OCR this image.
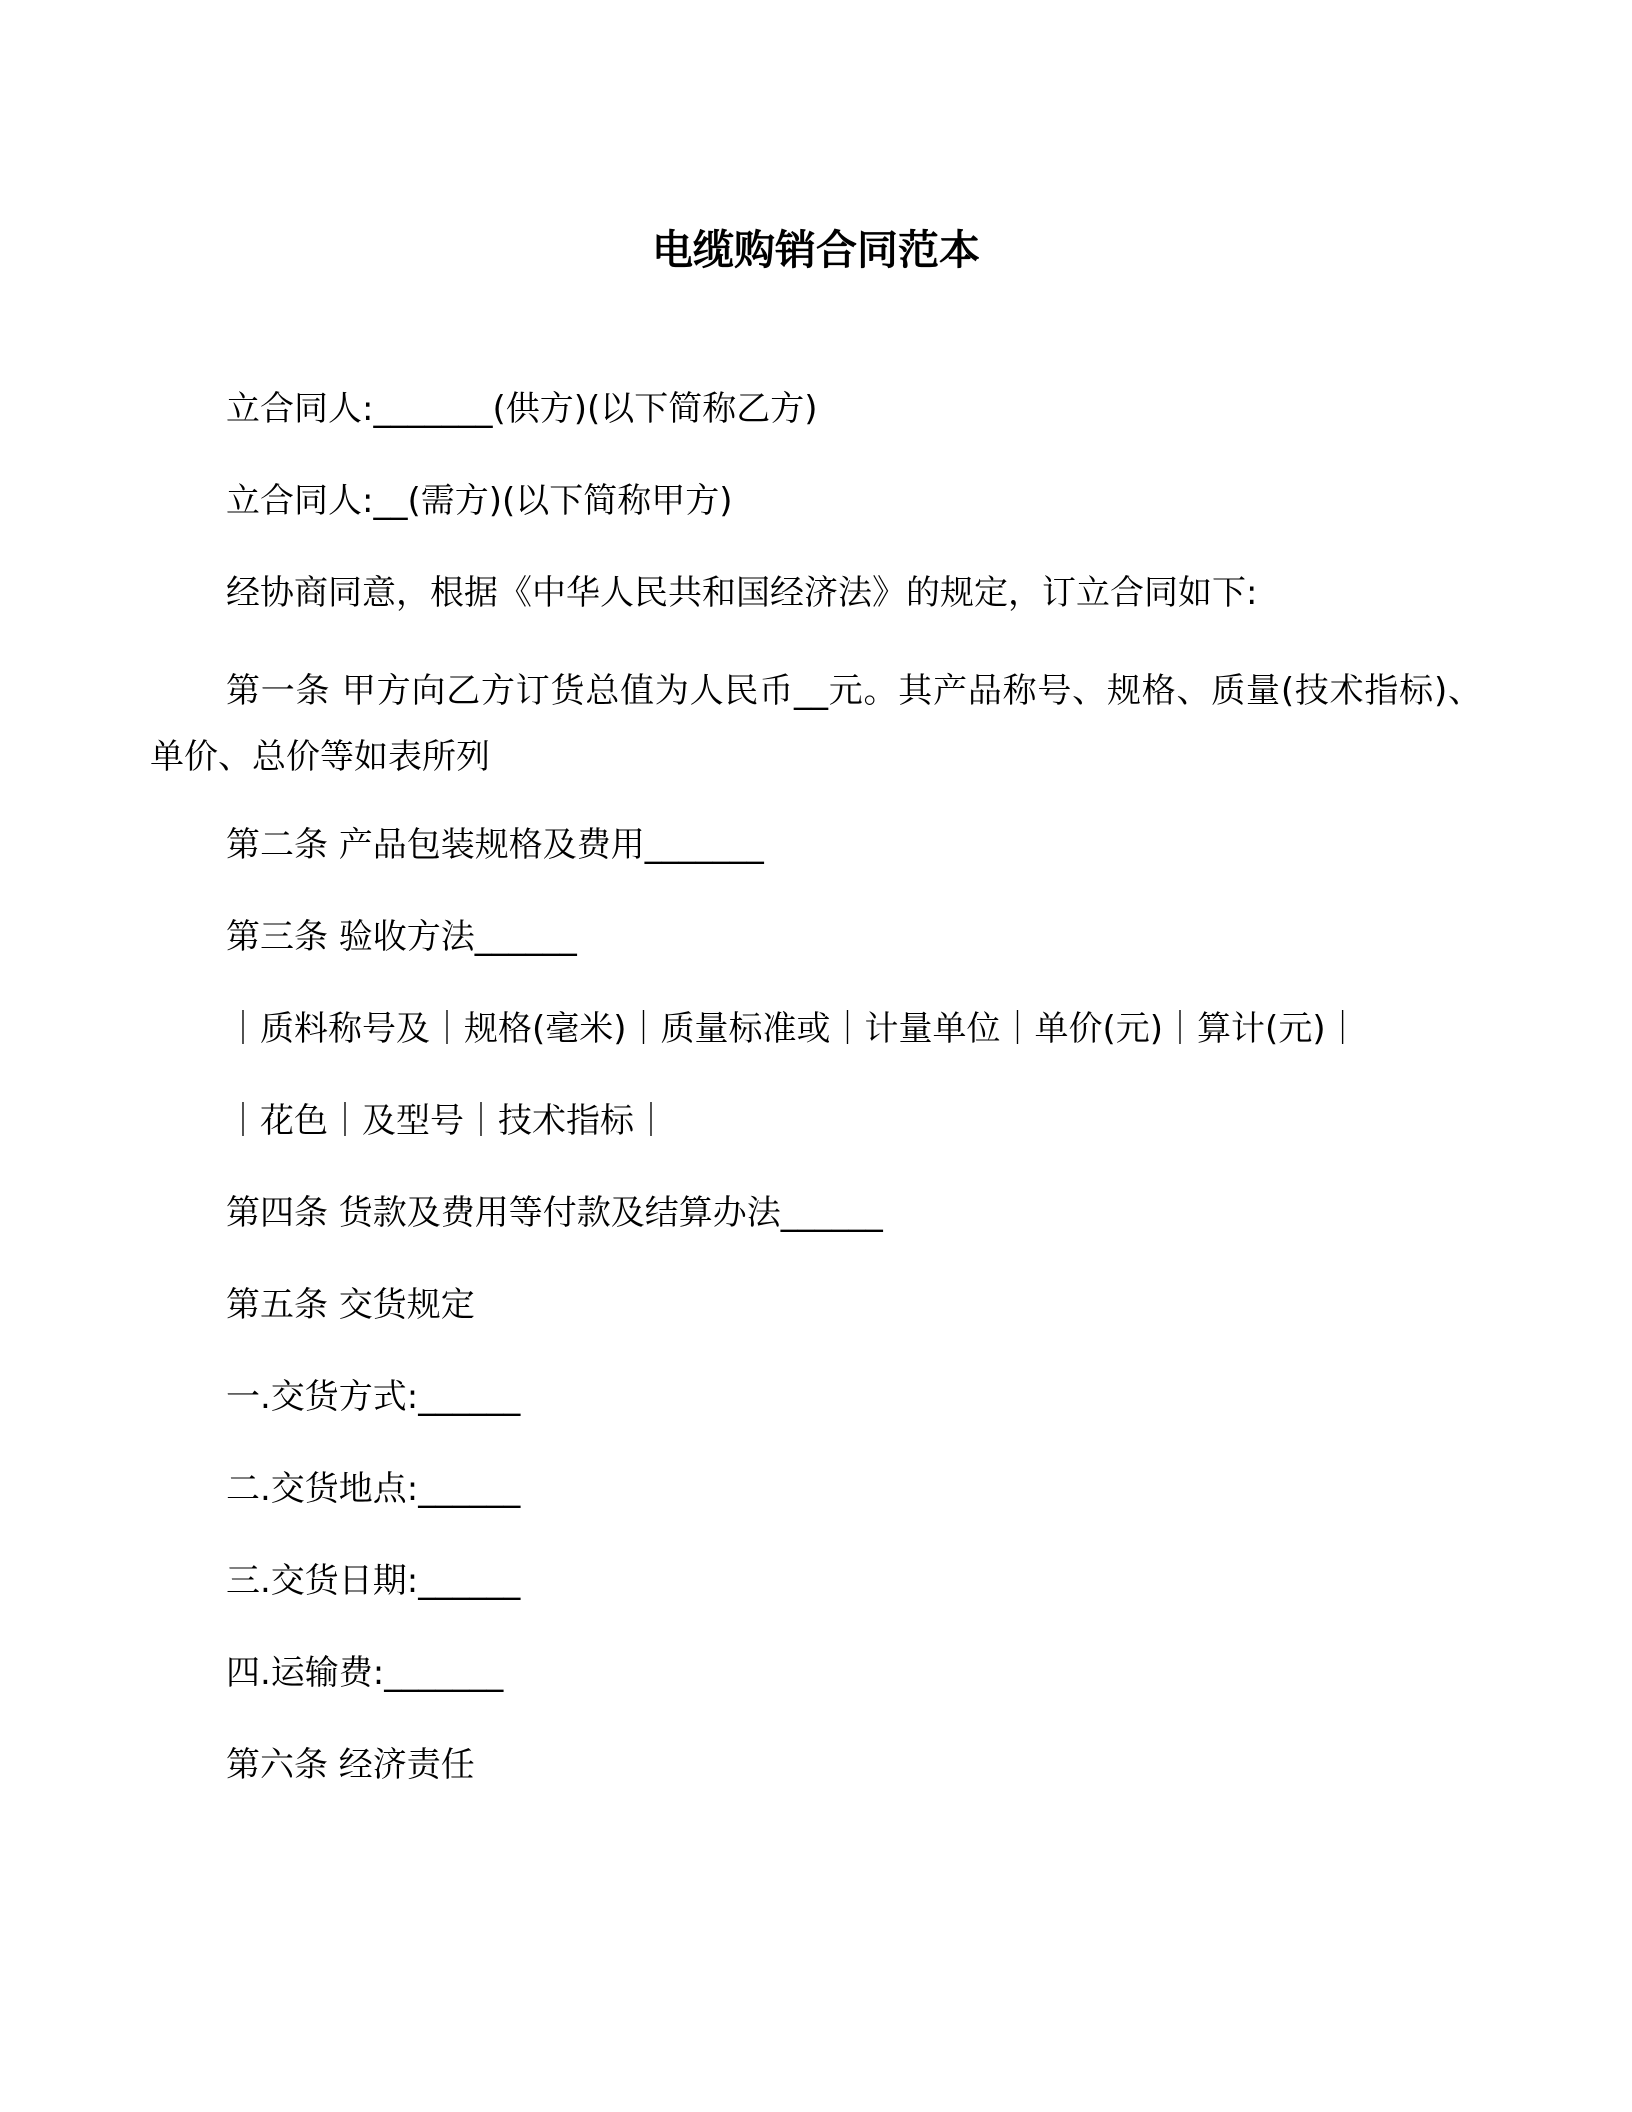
电缆购销合同范本
立合同人:_______(供方)(以下简称乙方)
立合同人:__(需方)(以下简称甲方)
经协商同意，根据《中华人民共和国经济法》的规定，订立合同如下:
第一条 甲方向乙方订货总值为人民币__元。其产品称号、规格、质量(技术指标)、单价、总价等如表所列
第二条 产品包装规格及费用_______
第三条 验收方法______
｜质料称号及｜规格(毫米)｜质量标准或｜计量单位｜单价(元)｜算计(元)｜
｜花色｜及型号｜技术指标｜
第四条 货款及费用等付款及结算办法______
第五条 交货规定
一.交货方式:______
二.交货地点:______
三.交货日期:______
四.运输费:_______
第六条 经济责任
